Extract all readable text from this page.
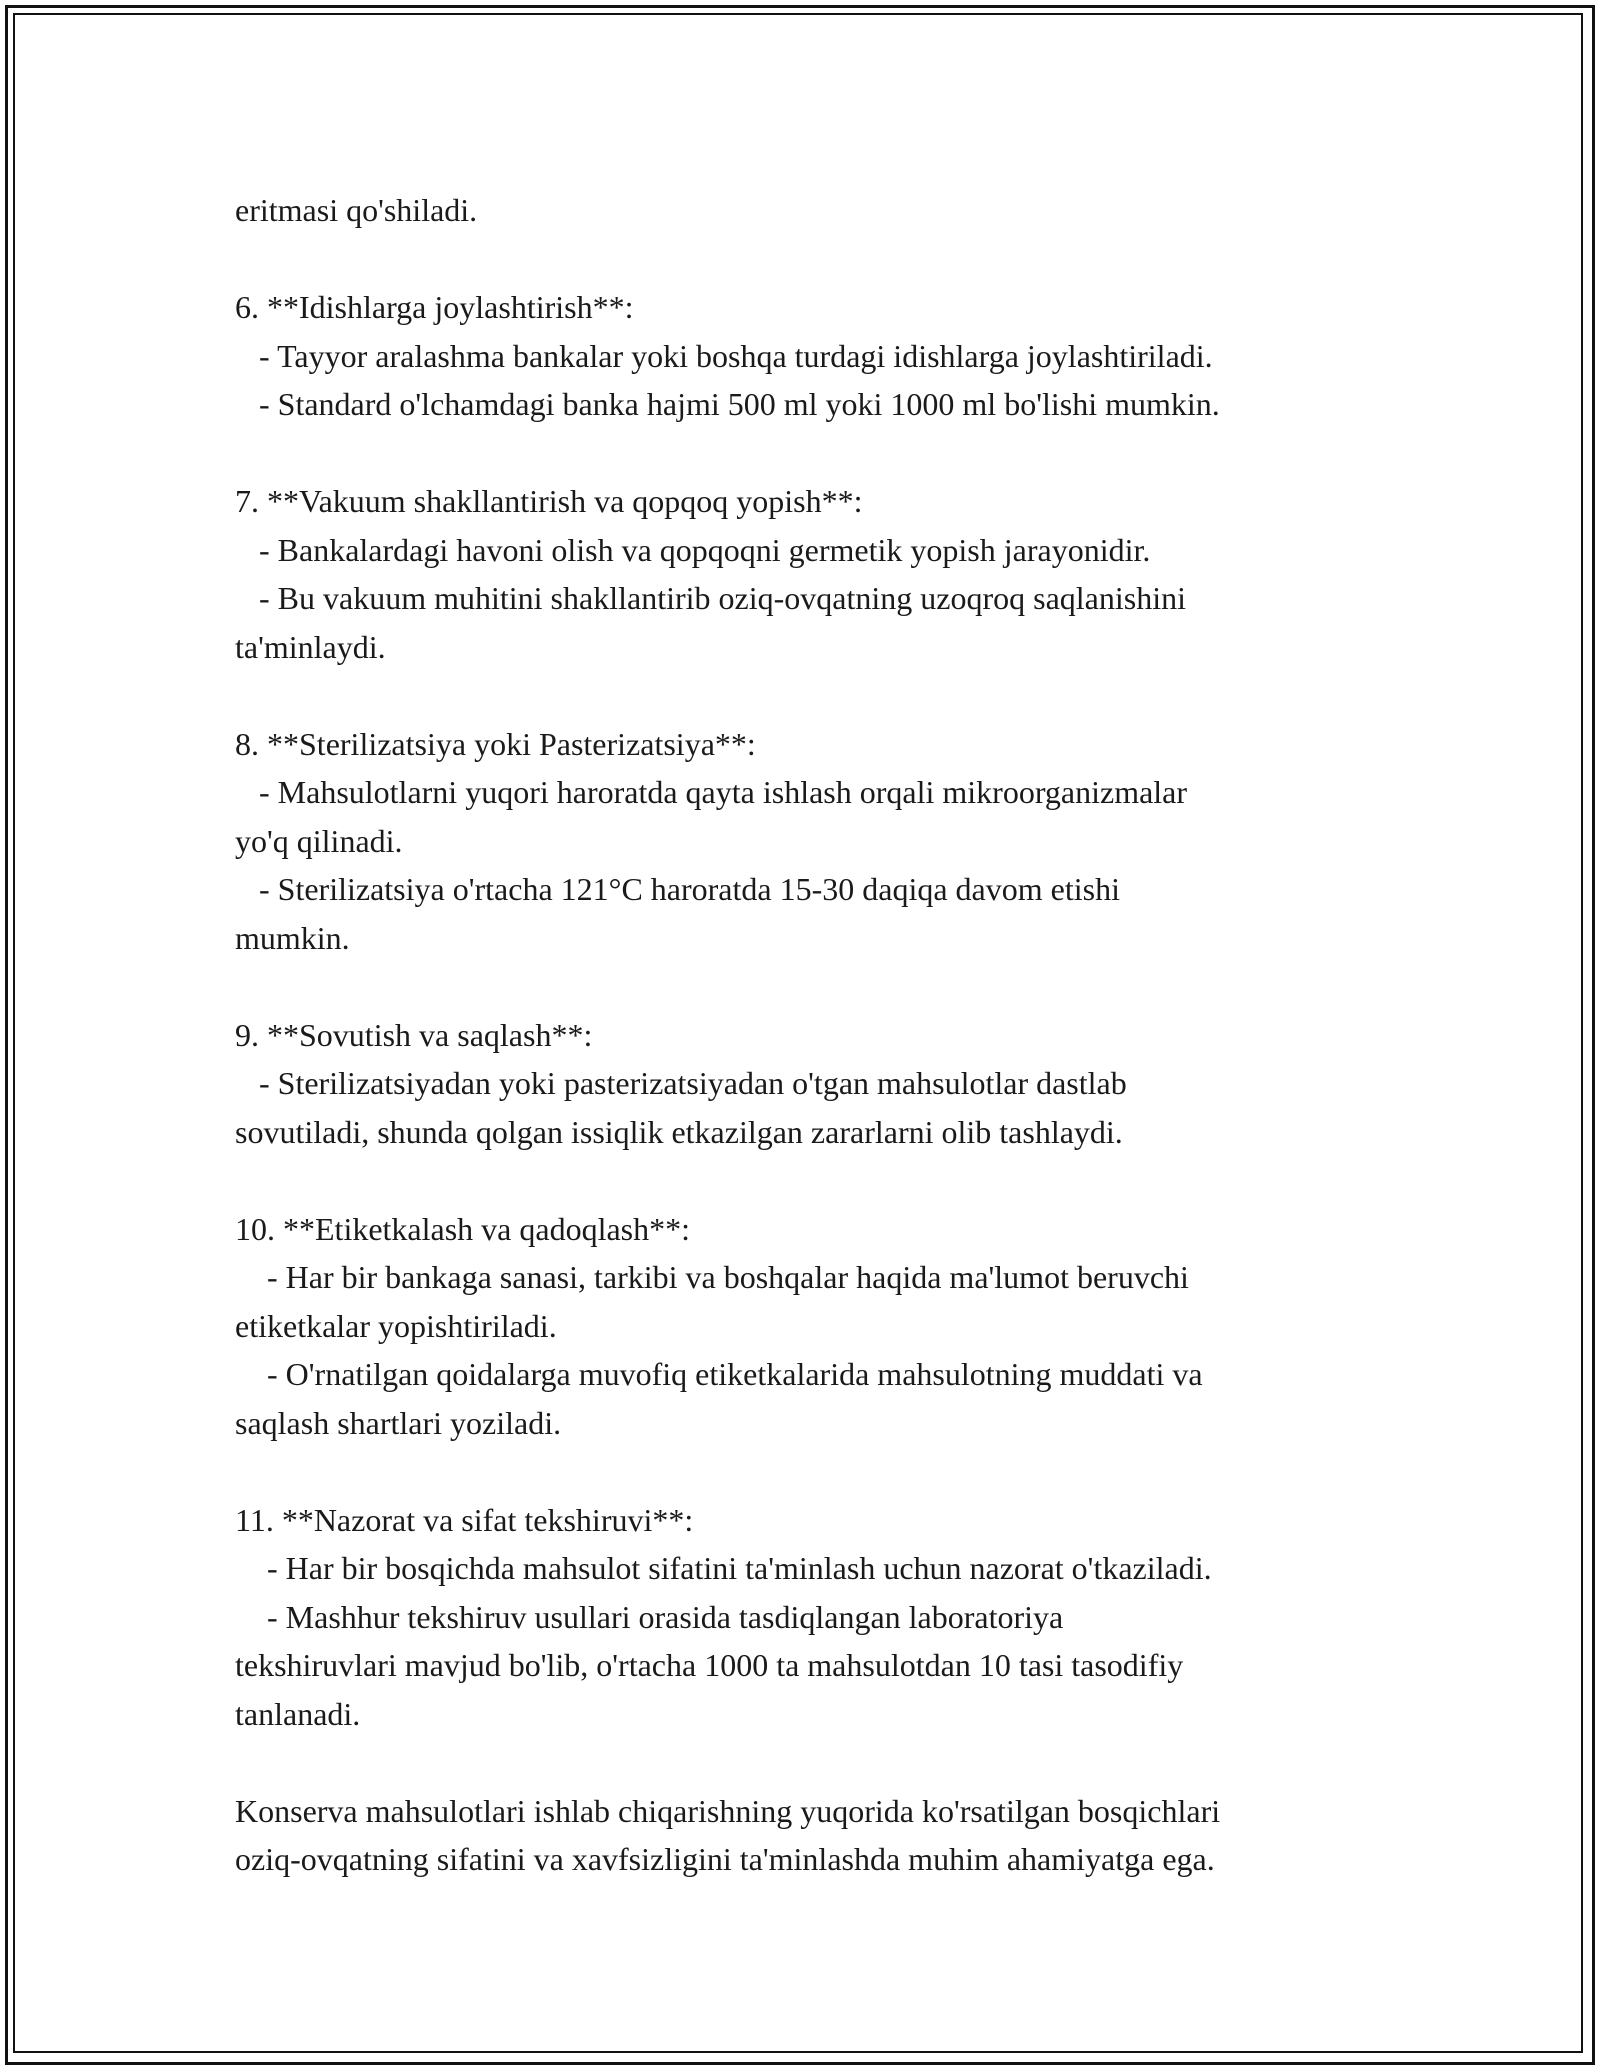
eritmasi qo'shiladi.
6. **Idishlarga joylashtirish**:
- Tayyor aralashma bankalar yoki boshqa turdagi idishlarga joylashtiriladi.
- Standard o'lchamdagi banka hajmi 500 ml yoki 1000 ml bo'lishi mumkin.
7. **Vakuum shakllantirish va qopqoq yopish**:
- Bankalardagi havoni olish va qopqoqni germetik yopish jarayonidir.
- Bu vakuum muhitini shakllantirib oziq-ovqatning uzoqroq saqlanishini
ta'minlaydi.
8. **Sterilizatsiya yoki Pasterizatsiya**:
- Mahsulotlarni yuqori haroratda qayta ishlash orqali mikroorganizmalar
yo'q qilinadi.
- Sterilizatsiya o'rtacha 121°C haroratda 15-30 daqiqa davom etishi
mumkin.
9. **Sovutish va saqlash**:
- Sterilizatsiyadan yoki pasterizatsiyadan o'tgan mahsulotlar dastlab
sovutiladi, shunda qolgan issiqlik etkazilgan zararlarni olib tashlaydi.
10. **Etiketkalash va qadoqlash**:
- Har bir bankaga sanasi, tarkibi va boshqalar haqida ma'lumot beruvchi
etiketkalar yopishtiriladi.
- O'rnatilgan qoidalarga muvofiq etiketkalarida mahsulotning muddati va
saqlash shartlari yoziladi.
11. **Nazorat va sifat tekshiruvi**:
- Har bir bosqichda mahsulot sifatini ta'minlash uchun nazorat o'tkaziladi.
- Mashhur tekshiruv usullari orasida tasdiqlangan laboratoriya
tekshiruvlari mavjud bo'lib, o'rtacha 1000 ta mahsulotdan 10 tasi tasodifiy
tanlanadi.
Konserva mahsulotlari ishlab chiqarishning yuqorida ko'rsatilgan bosqichlari
oziq-ovqatning sifatini va xavfsizligini ta'minlashda muhim ahamiyatga ega.
